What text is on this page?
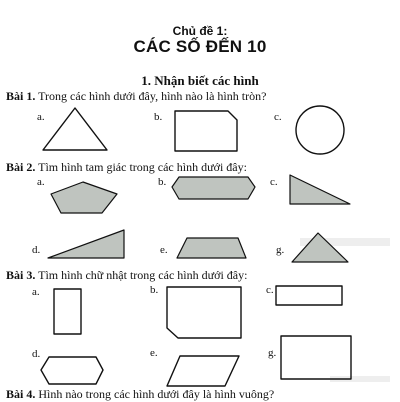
Chủ đề 1:
CÁC SỐ ĐẾN 10
1. Nhận biết các hình
Bài 1. Trong các hình dưới đây, hình nào là hình tròn?
a.	b.	c.
Bài 2. Tìm hình tam giác trong các hình dưới đây:
a.	b.	c.
d.	e.	g.
Bài 3. Tìm hình chữ nhật trong các hình dưới đây:
a.	b.	c.
d.	e.	g.
Bài 4. Hình nào trong các hình dưới đây là hình vuông?
